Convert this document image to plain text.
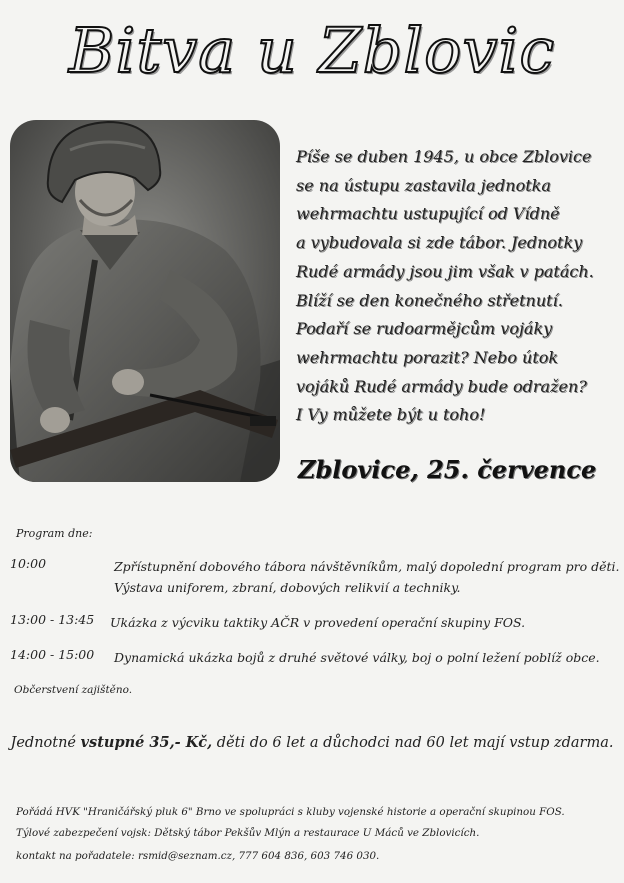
Bitva u Zblovic
Píše se duben 1945, u obce Zblovice
se na ústupu zastavila jednotka
wehrmachtu ustupující od Vídně
a vybudovala si zde tábor. Jednotky
Rudé armády jsou jim však v patách.
Blíží se den konečného střetnutí.
Podaří se rudoarmějcům vojáky
wehrmachtu porazit? Nebo útok
vojáků Rudé armády bude odražen?
I Vy můžete být u toho!
Zblovice, 25. července
Program dne:
10:00	Zpřístupnění dobového tábora návštěvníkům, malý dopolední program pro děti.
Výstava uniforem, zbraní, dobových relikvií a techniky.
13:00 - 13:45 Ukázka z výcviku taktiky AČR v provedení operační skupiny FOS.
14:00 - 15:00 Dynamická ukázka bojů z druhé světové války, boj o polní ležení poblíž obce.
Občerstvení zajištěno.
Jednotné vstupné 35,- Kč, děti do 6 let a důchodci nad 60 let mají vstup zdarma.
Pořádá HVK "Hraničářský pluk 6" Brno ve spolupráci s kluby vojenské historie a operační skupinou FOS.
Týlové zabezpečení vojsk: Dětský tábor Pekšův Mlýn a restaurace U Máců ve Zblovicích.
kontakt na pořadatele: rsmid@seznam.cz, 777 604 836, 603 746 030.
